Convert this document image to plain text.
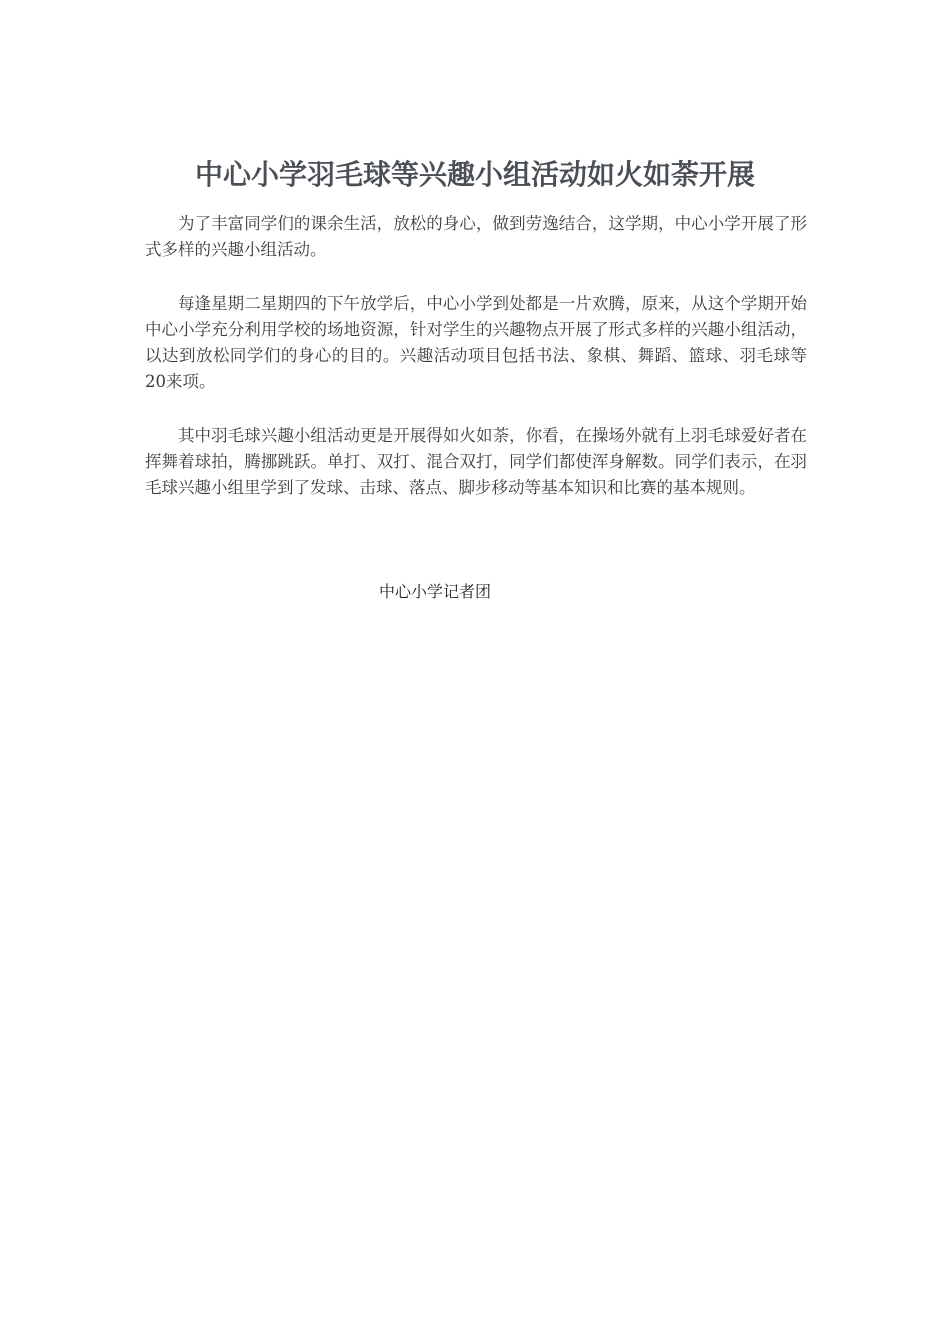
中心小学羽毛球等兴趣小组活动如火如荼开展

为了丰富同学们的课余生活，放松的身心，做到劳逸结合，这学期，中心小学开展了形式多样的兴趣小组活动。

每逢星期二星期四的下午放学后，中心小学到处都是一片欢腾，原来，从这个学期开始中心小学充分利用学校的场地资源，针对学生的兴趣物点开展了形式多样的兴趣小组活动，以达到放松同学们的身心的目的。兴趣活动项目包括书法、象棋、舞蹈、篮球、羽毛球等20来项。

其中羽毛球兴趣小组活动更是开展得如火如荼，你看，在操场外就有上羽毛球爱好者在挥舞着球拍，腾挪跳跃。单打、双打、混合双打，同学们都使浑身解数。同学们表示，在羽毛球兴趣小组里学到了发球、击球、落点、脚步移动等基本知识和比赛的基本规则。

中心小学记者团
